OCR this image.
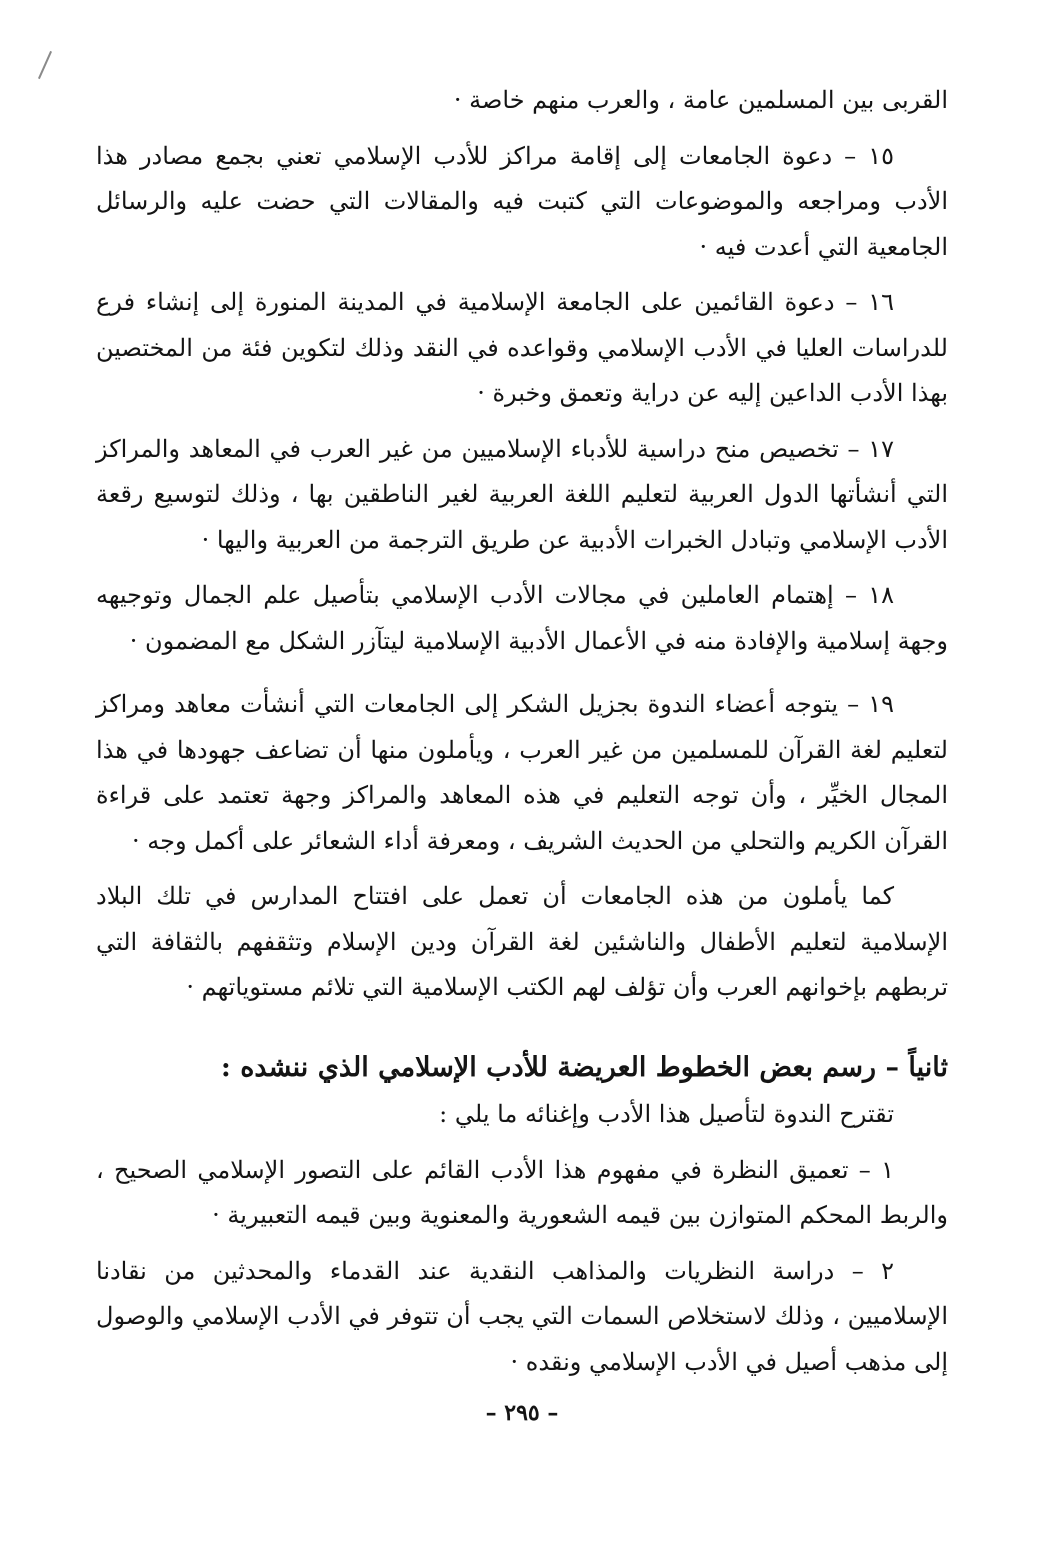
القربى بين المسلمين عامة ، والعرب منهم خاصة ·

١٥ – دعوة الجامعات إلى إقامة مراكز للأدب الإسلامي تعني بجمع مصادر هذا الأدب ومراجعه والموضوعات التي كتبت فيه والمقالات التي حضت عليه والرسائل الجامعية التي أعدت فيه ·

١٦ – دعوة القائمين على الجامعة الإسلامية في المدينة المنورة إلى إنشاء فرع للدراسات العليا في الأدب الإسلامي وقواعده في النقد وذلك لتكوين فئة من المختصين بهذا الأدب الداعين إليه عن دراية وتعمق وخبرة ·

١٧ – تخصيص منح دراسية للأدباء الإسلاميين من غير العرب في المعاهد والمراكز التي أنشأتها الدول العربية لتعليم اللغة العربية لغير الناطقين بها ، وذلك لتوسيع رقعة الأدب الإسلامي وتبادل الخبرات الأدبية عن طريق الترجمة من العربية واليها ·

١٨ – إهتمام العاملين في مجالات الأدب الإسلامي بتأصيل علم الجمال وتوجيهه وجهة إسلامية والإفادة منه في الأعمال الأدبية الإسلامية ليتآزر الشكل مع المضمون ·

١٩ – يتوجه أعضاء الندوة بجزيل الشكر إلى الجامعات التي أنشأت معاهد ومراكز لتعليم لغة القرآن للمسلمين من غير العرب ، ويأملون منها أن تضاعف جهودها في هذا المجال الخيِّر ، وأن توجه التعليم في هذه المعاهد والمراكز وجهة تعتمد على قراءة القرآن الكريم والتحلي من الحديث الشريف ، ومعرفة أداء الشعائر على أكمل وجه ·

كما يأملون من هذه الجامعات أن تعمل على افتتاح المدارس في تلك البلاد الإسلامية لتعليم الأطفال والناشئين لغة القرآن ودين الإسلام وتثقفهم بالثقافة التي تربطهم بإخوانهم العرب وأن تؤلف لهم الكتب الإسلامية التي تلائم مستوياتهم ·

ثانياً – رسم بعض الخطوط العريضة للأدب الإسلامي الذي ننشده :

تقترح الندوة لتأصيل هذا الأدب وإغنائه ما يلي :

١ – تعميق النظرة في مفهوم هذا الأدب القائم على التصور الإسلامي الصحيح ، والربط المحكم المتوازن بين قيمه الشعورية والمعنوية وبين قيمه التعبيرية ·

٢ – دراسة النظريات والمذاهب النقدية عند القدماء والمحدثين من نقادنا الإسلاميين ، وذلك لاستخلاص السمات التي يجب أن تتوفر في الأدب الإسلامي والوصول إلى مذهب أصيل في الأدب الإسلامي ونقده ·

– ٢٩٥ –
